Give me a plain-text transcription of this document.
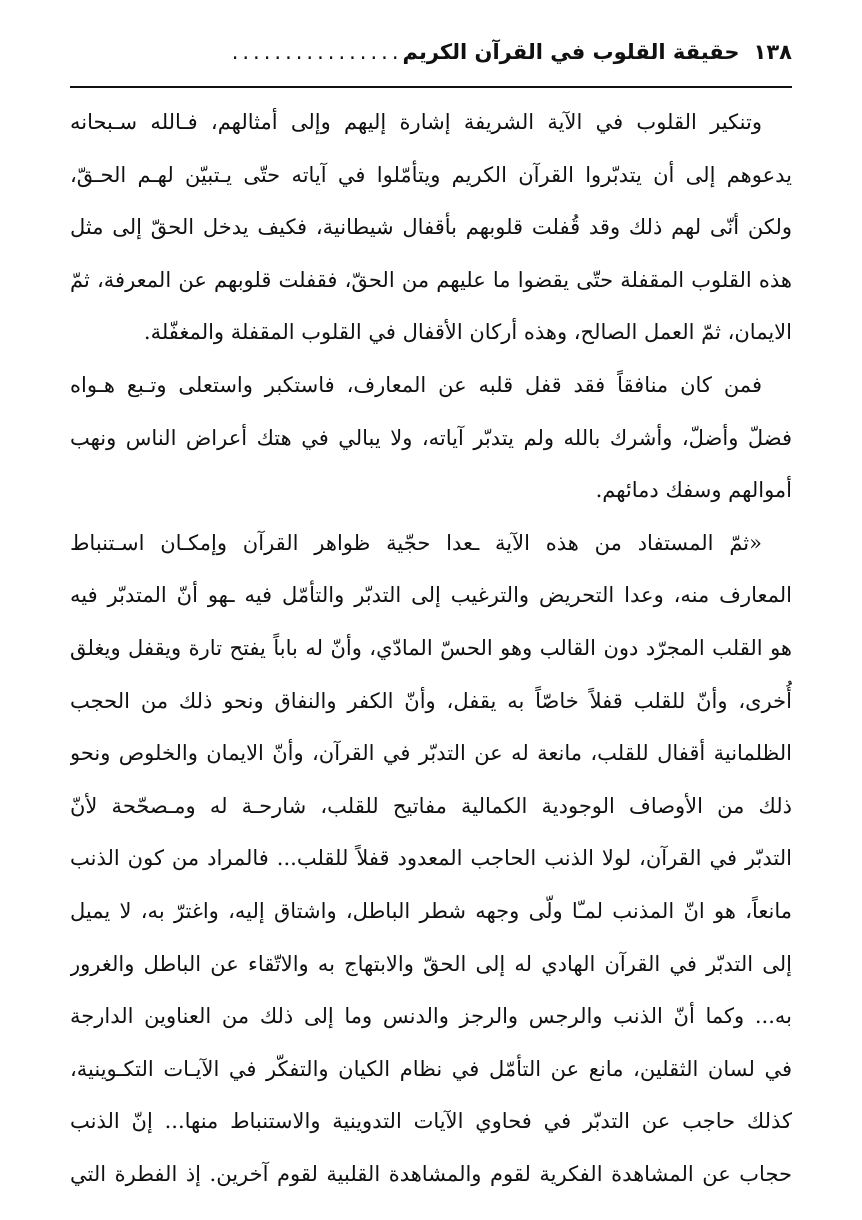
١٣٨
حقيقة القلوب في القرآن الكريم
................
وتنكير القلوب في الآية الشريفة إشارة إليهم وإلى أمثالهم، فـالله سـبحانه
يدعوهم إلى أن يتدبّروا القرآن الكريم ويتأمّلوا في آياته حتّى يـتبيّن لهـم الحـقّ،
ولكن أنّى لهم ذلك وقد قُفلت قلوبهم بأقفال شيطانية، فكيف يدخل الحقّ إلى مثل
هذه القلوب المقفلة حتّى يقضوا ما عليهم من الحقّ، فقفلت قلوبهم عن المعرفة، ثمّ
الايمان، ثمّ العمل الصالح، وهذه أركان الأقفال في القلوب المقفلة والمغفّلة.
فمن كان منافقاً فقد قفل قلبه عن المعارف، فاستكبر واستعلى وتـبع هـواه
فضلّ وأضلّ، وأشرك بالله ولم يتدبّر آياته، ولا يبالي في هتك أعراض الناس ونهب
أموالهم وسفك دمائهم.
«ثمّ المستفاد من هذه الآية ـعدا حجّية ظواهر القرآن وإمكـان اسـتنباط
المعارف منه، وعدا التحريض والترغيب إلى التدبّر والتأمّل فيه ـهو أنّ المتدبّر فيه
هو القلب المجرّد دون القالب وهو الحسّ المادّي، وأنّ له باباً يفتح تارة ويقفل ويغلق
أُخرى، وأنّ للقلب قفلاً خاصّاً به يقفل، وأنّ الكفر والنفاق ونحو ذلك من الحجب
الظلمانية أقفال للقلب، مانعة له عن التدبّر في القرآن، وأنّ الايمان والخلوص ونحو
ذلك من الأوصاف الوجودية الكمالية مفاتيح للقلب، شارحـة له ومـصحّحة لأنّ
التدبّر في القرآن، لولا الذنب الحاجب المعدود قفلاً للقلب... فالمراد من كون الذنب
مانعاً، هو انّ المذنب لمـّا ولّى وجهه شطر الباطل، واشتاق إليه، واغترّ به، لا يميل
إلى التدبّر في القرآن الهادي له إلى الحقّ والابتهاج به والاتّقاء عن الباطل والغرور
به... وكما أنّ الذنب والرجس والرجز والدنس وما إلى ذلك من العناوين الدارجة
في لسان الثقلين، مانع عن التأمّل في نظام الكيان والتفكّر في الآيـات التكـوينية،
كذلك حاجب عن التدبّر في فحاوي الآيات التدوينية والاستنباط منها... إنّ الذنب
حجاب عن المشاهدة الفكرية لقوم والمشاهدة القلبية لقوم آخرين. إذ الفطرة التي
